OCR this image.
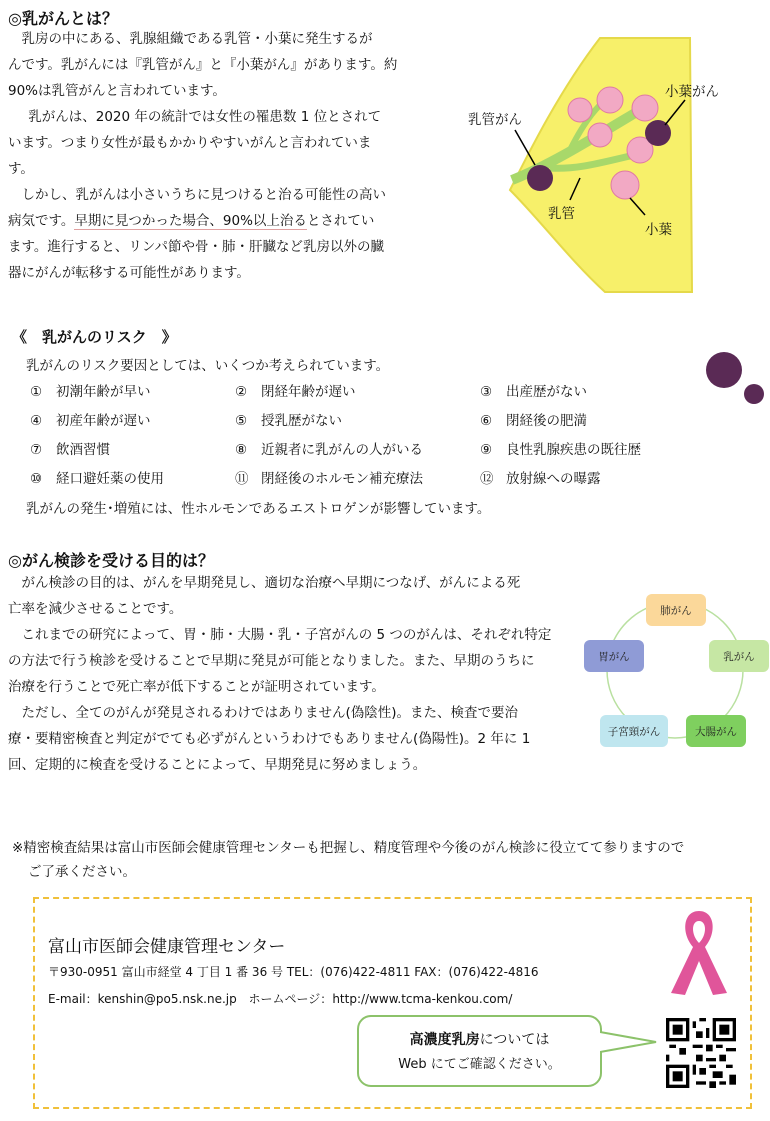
◎乳がんとは？

乳房の中にある、乳腺組織である乳管・小葉に発生するが

んです。乳がんには『乳管がん』と『小葉がん』があります。約

90%は乳管がんと言われています。

乳がんは、2020 年の統計では女性の罹患数 1 位とされて

います。つまり女性が最もかかりやすいがんと言われていま

す。

しかし、乳がんは小さいうちに見つけると治る可能性の高い

病気です。早期に見つかった場合、90%以上治るとされてい

ます。進行すると、リンパ節や骨・肺・肝臓など乳房以外の臓

器にがんが転移する可能性があります。

乳管がん
小葉がん
乳管
小葉
《　乳がんのリスク　》
乳がんのリスク要因としては、いくつか考えられています。
① 初潮年齢が早い	② 閉経年齢が遅い	③ 出産歴がない
④ 初産年齢が遅い	⑤ 授乳歴がない	⑥ 閉経後の肥満
⑦ 飲酒習慣	⑧ 近親者に乳がんの人がいる	⑨ 良性乳腺疾患の既往歴
⑩ 経口避妊薬の使用	⑪ 閉経後のホルモン補充療法	⑫ 放射線への曝露
乳がんの発生･増殖には、性ホルモンであるエストロゲンが影響しています。
◎がん検診を受ける目的は？

がん検診の目的は、がんを早期発見し、適切な治療へ早期につなげ、がんによる死

亡率を減少させることです。

これまでの研究によって、胃・肺・大腸・乳・子宮がんの 5 つのがんは、それぞれ特定

の方法で行う検診を受けることで早期に発見が可能となりました。また、早期のうちに

治療を行うことで死亡率が低下することが証明されています。

ただし、全てのがんが発見されるわけではありません(偽陰性)。また、検査で要治

療・要精密検査と判定がでても必ずがんというわけでもありません(偽陽性)。2 年に 1

回、定期的に検査を受けることによって、早期発見に努めましょう。

肺がん
乳がん
大腸がん
子宮頸がん
胃がん
※精密検査結果は富山市医師会健康管理センターも把握し、精度管理や今後のがん検診に役立てて参りますので
ご了承ください。
富山市医師会健康管理センター
〒930-0951 富山市経堂 4 丁目 1 番 36 号 TEL：(076)422-4811 FAX：(076)422-4816
E-mail：kenshin@po5.nsk.ne.jp ホームページ：http://www.tcma-kenkou.com/
高濃度乳房については
Web にてご確認ください。
